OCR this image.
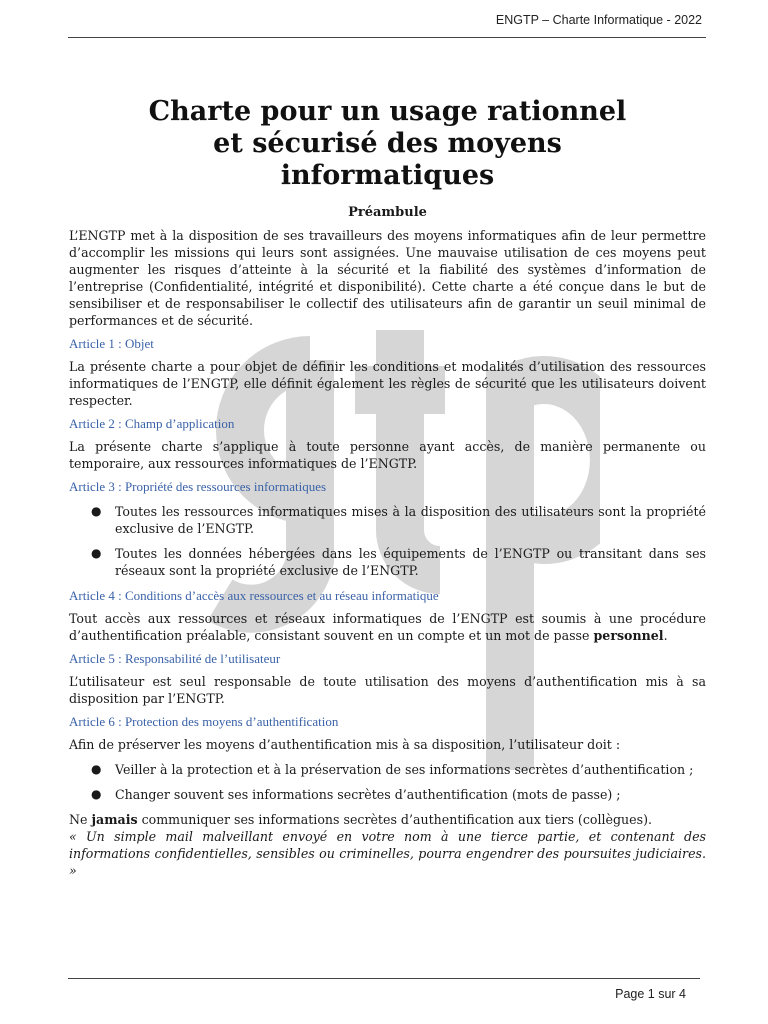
ENGTP – Charte Informatique - 2022
Charte pour un usage rationnel
et sécurisé des moyens
informatiques
Préambule

L’ENGTP met à la disposition de ses travailleurs des moyens informatiques afin de leur permettre d’accomplir les missions qui leurs sont assignées. Une mauvaise utilisation de ces moyens peut augmenter les risques d’atteinte à la sécurité et la fiabilité des systèmes d’information de l’entreprise (Confidentialité, intégrité et disponibilité). Cette charte a été conçue dans le but de sensibiliser et de responsabiliser le collectif des utilisateurs afin de garantir un seuil minimal de performances et de sécurité.

Article 1 : Objet

La présente charte a pour objet de définir les conditions et modalités d’utilisation des ressources informatiques de l’ENGTP, elle définit également les règles de sécurité que les utilisateurs doivent respecter.

Article 2 : Champ d’application

La présente charte s’applique à toute personne ayant accès, de manière permanente ou temporaire, aux ressources informatiques de l’ENGTP.

Article 3 : Propriété des ressources informatiques
● Toutes les ressources informatiques mises à la disposition des utilisateurs sont la propriété exclusive de l’ENGTP.
● Toutes les données hébergées dans les équipements de l’ENGTP ou transitant dans ses réseaux sont la propriété exclusive de l’ENGTP.
Article 4 : Conditions d’accès aux ressources et au réseau informatique

Tout accès aux ressources et réseaux informatiques de l’ENGTP est soumis à une procédure d’authentification préalable, consistant souvent en un compte et un mot de passe personnel.

Article 5 : Responsabilité de l’utilisateur

L’utilisateur est seul responsable de toute utilisation des moyens d’authentification mis à sa disposition par l’ENGTP.

Article 6 : Protection des moyens d’authentification

Afin de préserver les moyens d’authentification mis à sa disposition, l’utilisateur doit :

● Veiller à la protection et à la préservation de ses informations secrètes d’authentification ;
● Changer souvent ses informations secrètes d’authentification (mots de passe) ;

Ne jamais communiquer ses informations secrètes d’authentification aux tiers (collègues).

« Un simple mail malveillant envoyé en votre nom à une tierce partie, et contenant des informations confidentielles, sensibles ou criminelles, pourra engendrer des poursuites judiciaires. »

Page 1 sur 4
